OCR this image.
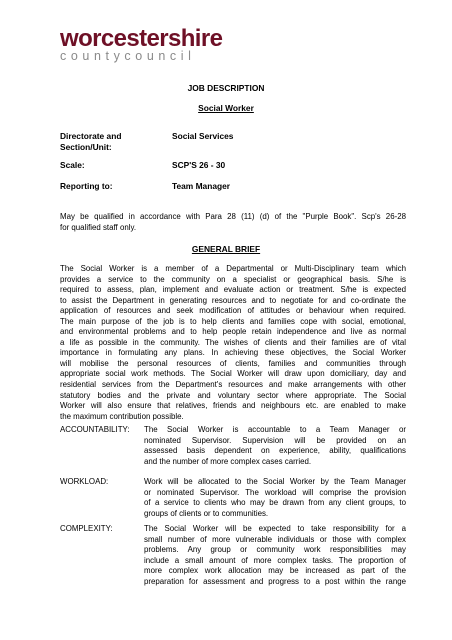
worcestershire
countycouncil
JOB DESCRIPTION
Social Worker
Directorate and
Section/Unit:
Social Services
Scale:	SCP'S 26 - 30
Reporting to:	Team Manager
May be qualified in accordance with Para 28 (11) (d) of the "Purple Book". Scp's 26-28
for qualified staff only.
GENERAL BRIEF
The Social Worker is a member of a Departmental or Multi-Disciplinary team which
provides a service to the community on a specialist or geographical basis. S/he is
required to assess, plan, implement and evaluate action or treatment. S/he is expected
to assist the Department in generating resources and to negotiate for and co-ordinate the
application of resources and seek modification of attitudes or behaviour when required.
The main purpose of the job is to help clients and families cope with social, emotional,
and environmental problems and to help people retain independence and live as normal
a life as possible in the community. The wishes of clients and their families are of vital
importance in formulating any plans. In achieving these objectives, the Social Worker
will mobilise the personal resources of clients, families and communities through
appropriate social work methods. The Social Worker will draw upon domiciliary, day and
residential services from the Department's resources and make arrangements with other
statutory bodies and the private and voluntary sector where appropriate. The Social
Worker will also ensure that relatives, friends and neighbours etc. are enabled to make
the maximum contribution possible.
ACCOUNTABILITY: The Social Worker is accountable to a Team Manager or
nominated Supervisor. Supervision will be provided on an
assessed basis dependent on experience, ability, qualifications
and the number of more complex cases carried.
WORKLOAD:	Work will be allocated to the Social Worker by the Team Manager
or nominated Supervisor. The workload will comprise the provision
of a service to clients who may be drawn from any client groups, to
groups of clients or to communities.
COMPLEXITY:	The Social Worker will be expected to take responsibility for a
small number of more vulnerable individuals or those with complex
problems. Any group or community work responsibilities may
include a small amount of more complex tasks. The proportion of
more complex work allocation may be increased as part of the
preparation for assessment and progress to a post within the range
